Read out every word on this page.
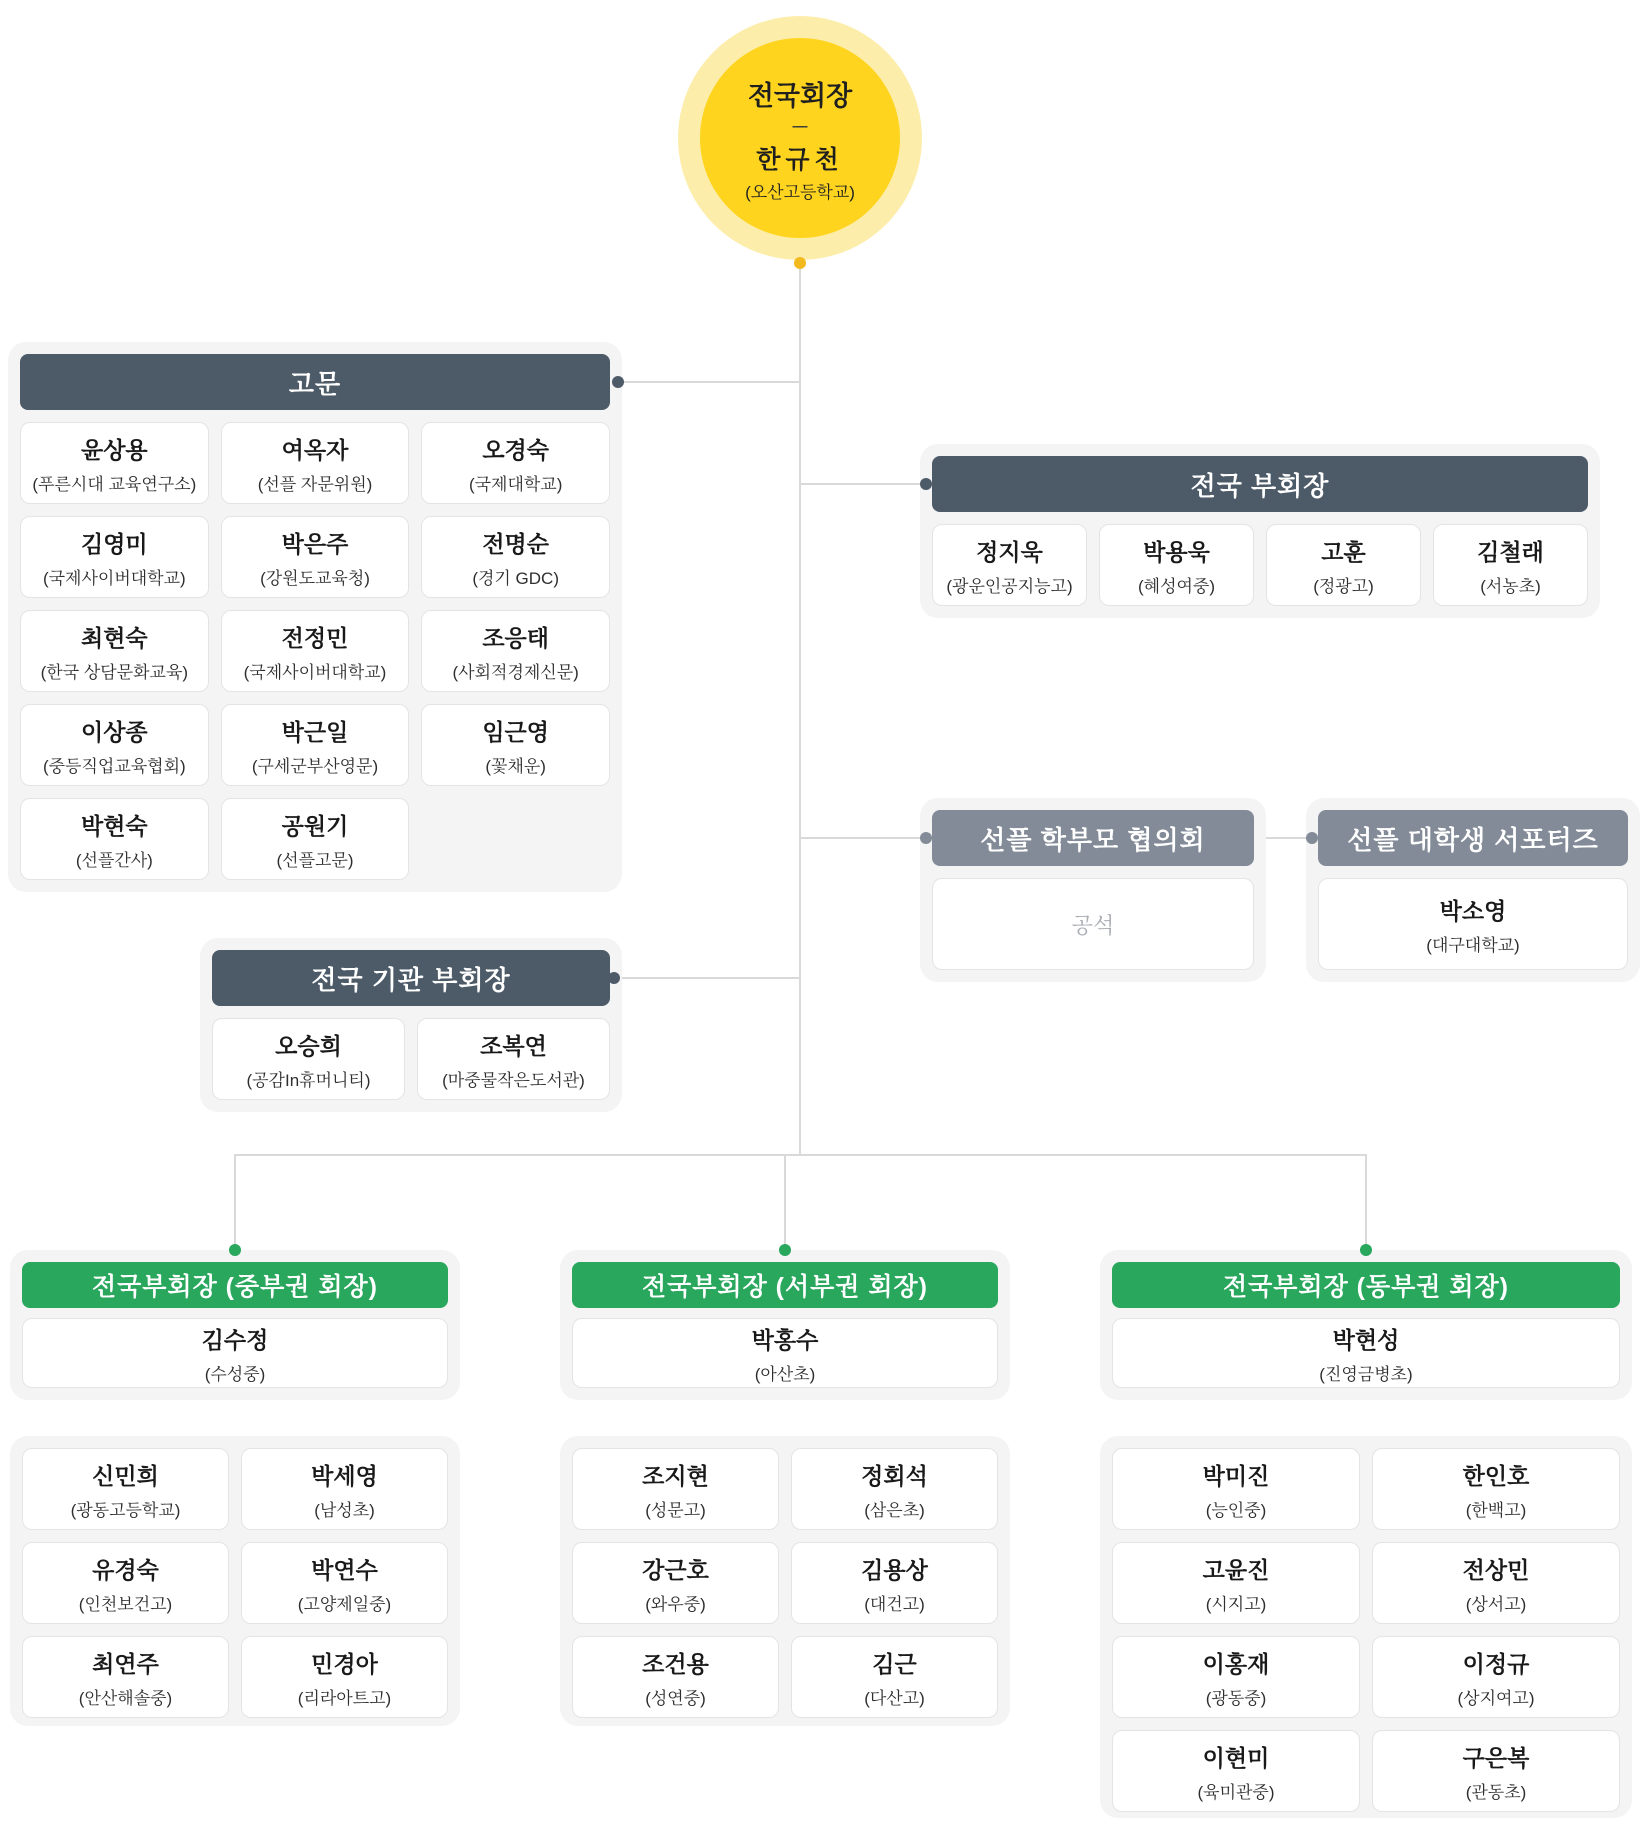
전국회장
—
한규천
(오산고등학교)
고문
윤상용
(푸른시대 교육연구소)
여옥자
(선플 자문위원)
오경숙
(국제대학교)
김영미
(국제사이버대학교)
박은주
(강원도교육청)
전명순
(경기 GDC)
최현숙
(한국 상담문화교육)
전정민
(국제사이버대학교)
조응태
(사회적경제신문)
이상종
(중등직업교육협회)
박근일
(구세군부산영문)
임근영
(꽃채운)
박현숙
(선플간사)
공원기
(선플고문)
전국 부회장
정지욱
(광운인공지능고)
박용욱
(혜성여중)
고훈
(정광고)
김철래
(서농초)
선플 학부모 협의회
공석
선플 대학생 서포터즈
박소영
(대구대학교)
전국 기관 부회장
오승희
(공감In휴머니티)
조복연
(마중물작은도서관)
전국부회장 (중부권 회장)
김수정
(수성중)
신민희
(광동고등학교)
박세영
(남성초)
유경숙
(인천보건고)
박연수
(고양제일중)
최연주
(안산해솔중)
민경아
(리라아트고)
전국부회장 (서부권 회장)
박홍수
(아산초)
조지현
(성문고)
정회석
(삼은초)
강근호
(와우중)
김용상
(대건고)
조건용
(성연중)
김근
(다산고)
전국부회장 (동부권 회장)
박현성
(진영금병초)
박미진
(능인중)
한인호
(한백고)
고윤진
(시지고)
전상민
(상서고)
이홍재
(광동중)
이정규
(상지여고)
이현미
(육미관중)
구은복
(관동초)
